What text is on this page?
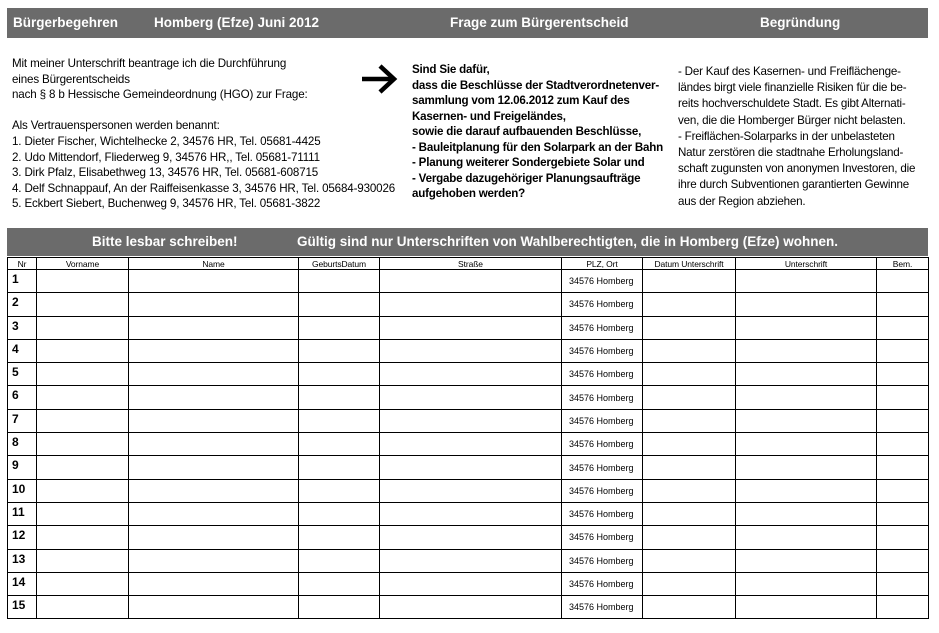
Bürgerbegehren	Homberg (Efze) Juni 2012	Frage zum Bürgerentscheid	Begründung
Mit meiner Unterschrift beantrage ich die Durchführung
eines Bürgerentscheids
nach § 8 b Hessische Gemeindeordnung (HGO) zur Frage:
Als Vertrauenspersonen werden benannt:
1. Dieter Fischer, Wichtelhecke 2, 34576 HR, Tel. 05681-4425
2. Udo Mittendorf, Fliederweg 9, 34576 HR,, Tel. 05681-71111
3. Dirk Pfalz, Elisabethweg 13, 34576 HR, Tel. 05681-608715
4. Delf Schnappauf, An der Raiffeisenkasse 3, 34576 HR, Tel. 05684-930026
5. Eckbert Siebert, Buchenweg 9, 34576 HR, Tel. 05681-3822
Sind Sie dafür,
dass die Beschlüsse der Stadtverordnetenver-
sammlung vom 12.06.2012 zum Kauf des
Kasernen- und Freigeländes,
sowie die darauf aufbauenden Beschlüsse,
- Bauleitplanung für den Solarpark an der Bahn
- Planung weiterer Sondergebiete Solar und
- Vergabe dazugehöriger Planungsaufträge
aufgehoben werden?
- Der Kauf des Kasernen- und Freiflächenge-
ländes birgt viele finanzielle Risiken für die be-
reits hochverschuldete Stadt. Es gibt Alternati-
ven, die die Homberger Bürger nicht belasten.
- Freiflächen-Solarparks in der unbelasteten
Natur zerstören die stadtnahe Erholungsland-
schaft zugunsten von anonymen Investoren, die
ihre durch Subventionen garantierten Gewinne
aus der Region abziehen.
Bitte lesbar schreiben!	Gültig sind nur Unterschriften von Wahlberechtigten, die in Homberg (Efze) wohnen.
Nr	Vorname	Name	GeburtsDatum	Straße	PLZ, Ort	Datum Unterschrift	Unterschrift	Bem.
1					34576 Homberg			
2					34576 Homberg			
3					34576 Homberg			
4					34576 Homberg			
5					34576 Homberg			
6					34576 Homberg			
7					34576 Homberg			
8					34576 Homberg			
9					34576 Homberg			
10					34576 Homberg			
11					34576 Homberg			
12					34576 Homberg			
13					34576 Homberg			
14					34576 Homberg			
15					34576 Homberg			
